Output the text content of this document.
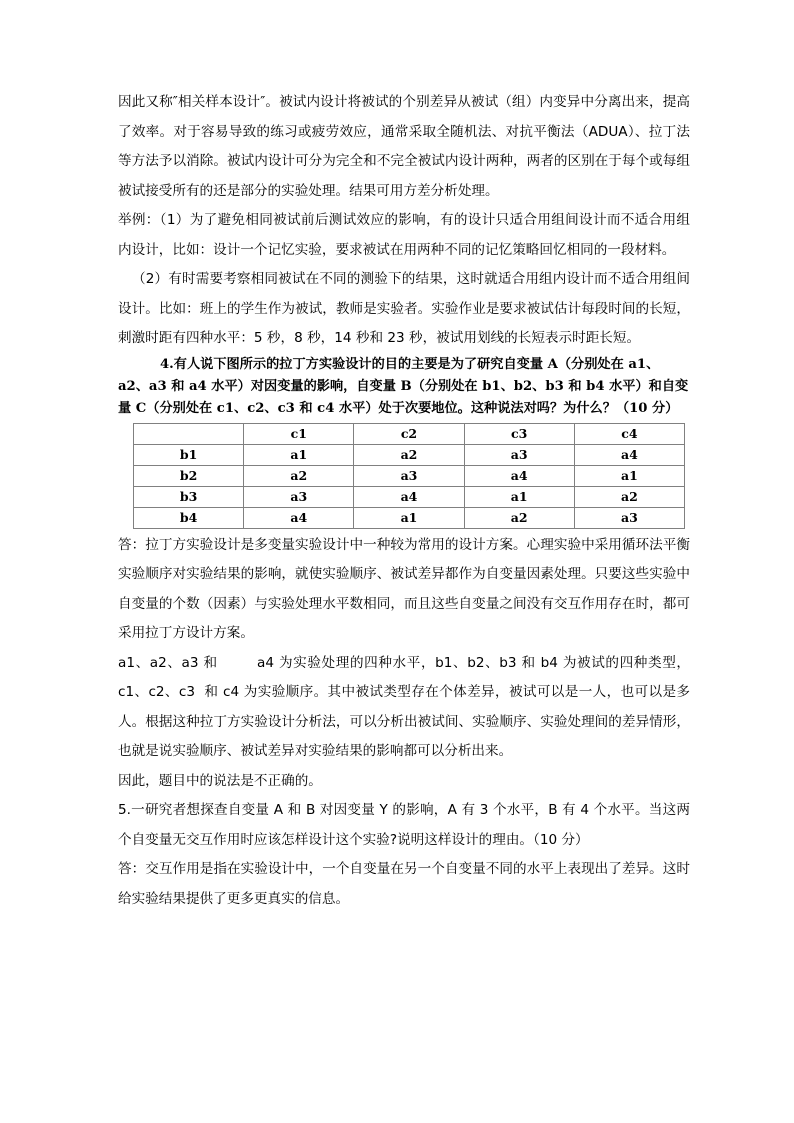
因此又称″相关样本设计″。被试内设计将被试的个别差异从被试（组）内变异中分离出来，提高了效率。对于容易导致的练习或疲劳效应，通常采取全随机法、对抗平衡法（ADUA）、拉丁法等方法予以消除。被试内设计可分为完全和不完全被试内设计两种，两者的区别在于每个或每组被试接受所有的还是部分的实验处理。结果可用方差分析处理。

举例：（1）为了避免相同被试前后测试效应的影响，有的设计只适合用组间设计而不适合用组内设计，比如：设计一个记忆实验，要求被试在用两种不同的记忆策略回忆相同的一段材料。

（2）有时需要考察相同被试在不同的测验下的结果，这时就适合用组内设计而不适合用组间设计。比如：班上的学生作为被试，教师是实验者。实验作业是要求被试估计每段时间的长短，刺激时距有四种水平：5 秒，8 秒，14 秒和 23 秒，被试用划线的长短表示时距长短。

4.有人说下图所示的拉丁方实验设计的目的主要是为了研究自变量 A（分别处在 a1、

a2、a3 和 a4 水平）对因变量的影响，自变量 B（分别处在 b1、b2、b3 和 b4 水平）和自变

量 C（分别处在 c1、c2、c3 和 c4 水平）处于次要地位。这种说法对吗？为什么？（10 分）

	c1	c2	c3	c4
b1	a1	a2	a3	a4
b2	a2	a3	a4	a1
b3	a3	a4	a1	a2
b4	a4	a1	a2	a3

答：拉丁方实验设计是多变量实验设计中一种较为常用的设计方案。心理实验中采用循环法平衡实验顺序对实验结果的影响，就使实验顺序、被试差异都作为自变量因素处理。只要这些实验中自变量的个数（因素）与实验处理水平数相同，而且这些自变量之间没有交互作用存在时，都可采用拉丁方设计方案。

a1、a2、a3 和        a4 为实验处理的四种水平，b1、b2、b3 和 b4 为被试的四种类型，c1、c2、c3  和 c4 为实验顺序。其中被试类型存在个体差异，被试可以是一人，也可以是多人。根据这种拉丁方实验设计分析法，可以分析出被试间、实验顺序、实验处理间的差异情形，也就是说实验顺序、被试差异对实验结果的影响都可以分析出来。

因此，题目中的说法是不正确的。

5.一研究者想探查自变量 A 和 B 对因变量 Y 的影响，A 有 3 个水平，B 有 4 个水平。当这两个自变量无交互作用时应该怎样设计这个实验?说明这样设计的理由。（10 分）

答：交互作用是指在实验设计中，一个自变量在另一个自变量不同的水平上表现出了差异。这时给实验结果提供了更多更真实的信息。
